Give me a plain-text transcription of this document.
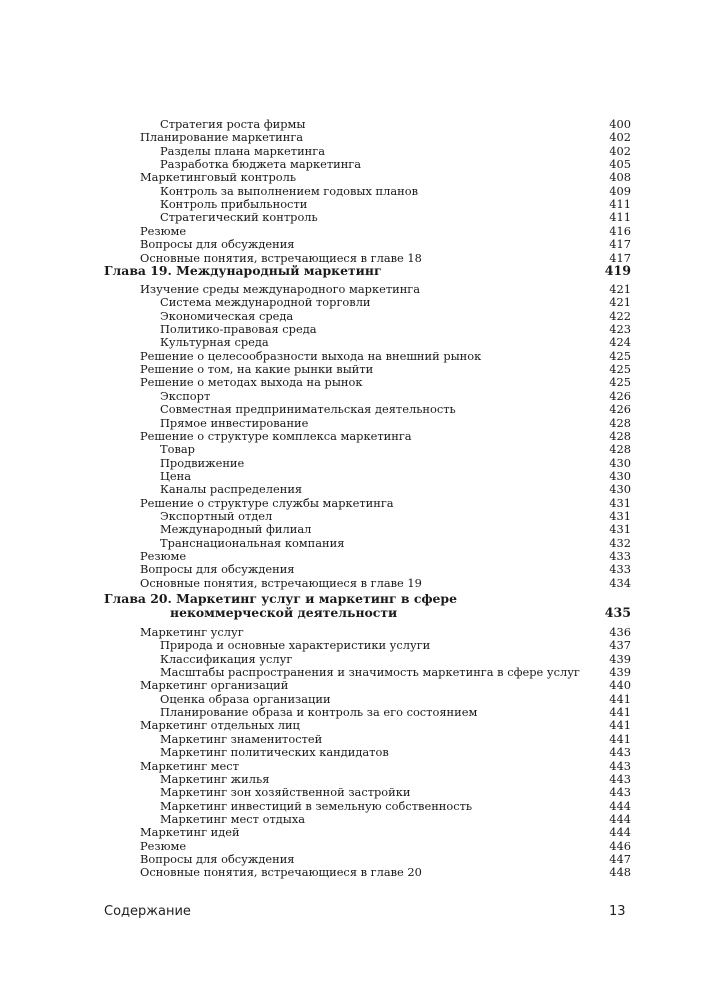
Стратегия роста фирмы	400
Планирование маркетинга	402
Разделы плана маркетинга	402
Разработка бюджета маркетинга	405
Маркетинговый контроль	408
Контроль за выполнением годовых планов	409
Контроль прибыльности	411
Стратегический контроль	411
Резюме	416
Вопросы для обсуждения	417
Основные понятия, встречающиеся в главе 18	417
Глава 19. Международный маркетинг	419
Изучение среды международного маркетинга	421
Система международной торговли	421
Экономическая среда	422
Политико-правовая среда	423
Культурная среда	424
Решение о целесообразности выхода на внешний рынок	425
Решение о том, на какие рынки выйти	425
Решение о методах выхода на рынок	425
Экспорт	426
Совместная предпринимательская деятельность	426
Прямое инвестирование	428
Решение о структуре комплекса маркетинга	428
Товар	428
Продвижение	430
Цена	430
Каналы распределения	430
Решение о структуре службы маркетинга	431
Экспортный отдел	431
Международный филиал	431
Транснациональная компания	432
Резюме	433
Вопросы для обсуждения	433
Основные понятия, встречающиеся в главе 19	434
Глава 20. Маркетинг услуг и маркетинг в сфере
некоммерческой деятельности	435
Маркетинг услуг	436
Природа и основные характеристики услуги	437
Классификация услуг	439
Масштабы распространения и значимость маркетинга в сфере услуг	439
Маркетинг организаций	440
Оценка образа организации	441
Планирование образа и контроль за его состоянием	441
Маркетинг отдельных лиц	441
Маркетинг знаменитостей	441
Маркетинг политических кандидатов	443
Маркетинг мест	443
Маркетинг жилья	443
Маркетинг зон хозяйственной застройки	443
Маркетинг инвестиций в земельную собственность	444
Маркетинг мест отдыха	444
Маркетинг идей	444
Резюме	446
Вопросы для обсуждения	447
Основные понятия, встречающиеся в главе 20	448
Содержание	13
